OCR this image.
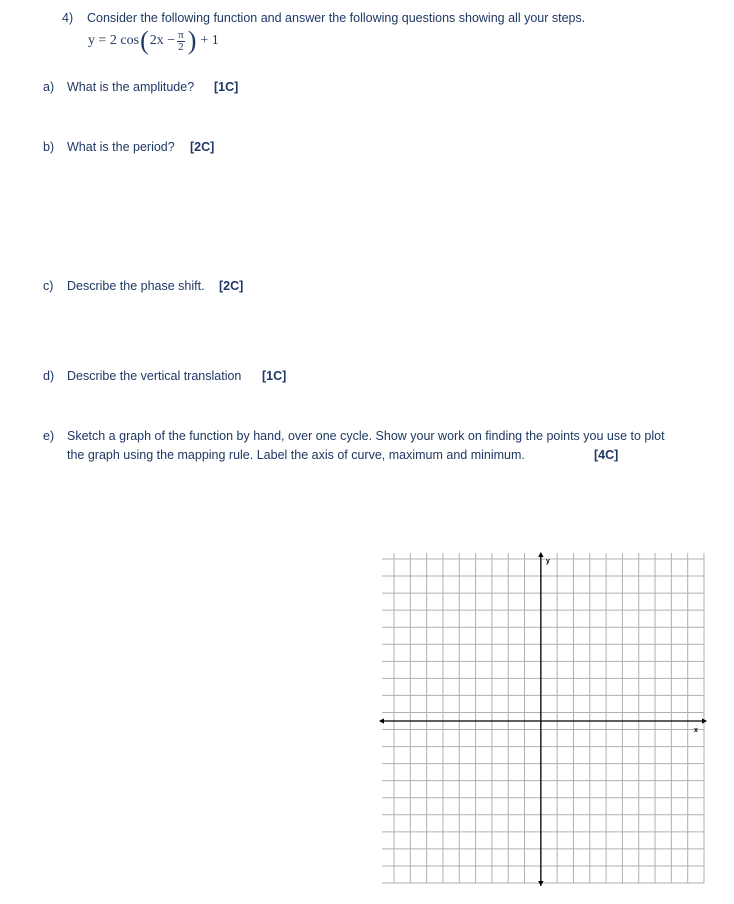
4) Consider the following function and answer the following questions showing all your steps.
y = 2 cos ( $2x - \frac{\pi}{2}$ ) + 1
a) What is the amplitude? [1C]
b) What is the period? [2C]
c) Describe the phase shift. [2C]
d) Describe the vertical translation [1C]
e) Sketch a graph of the function by hand, over one cycle. Show your work on finding the points you use to plot
the graph using the mapping rule. Label the axis of curve, maximum and minimum.	[4C]
y
x
